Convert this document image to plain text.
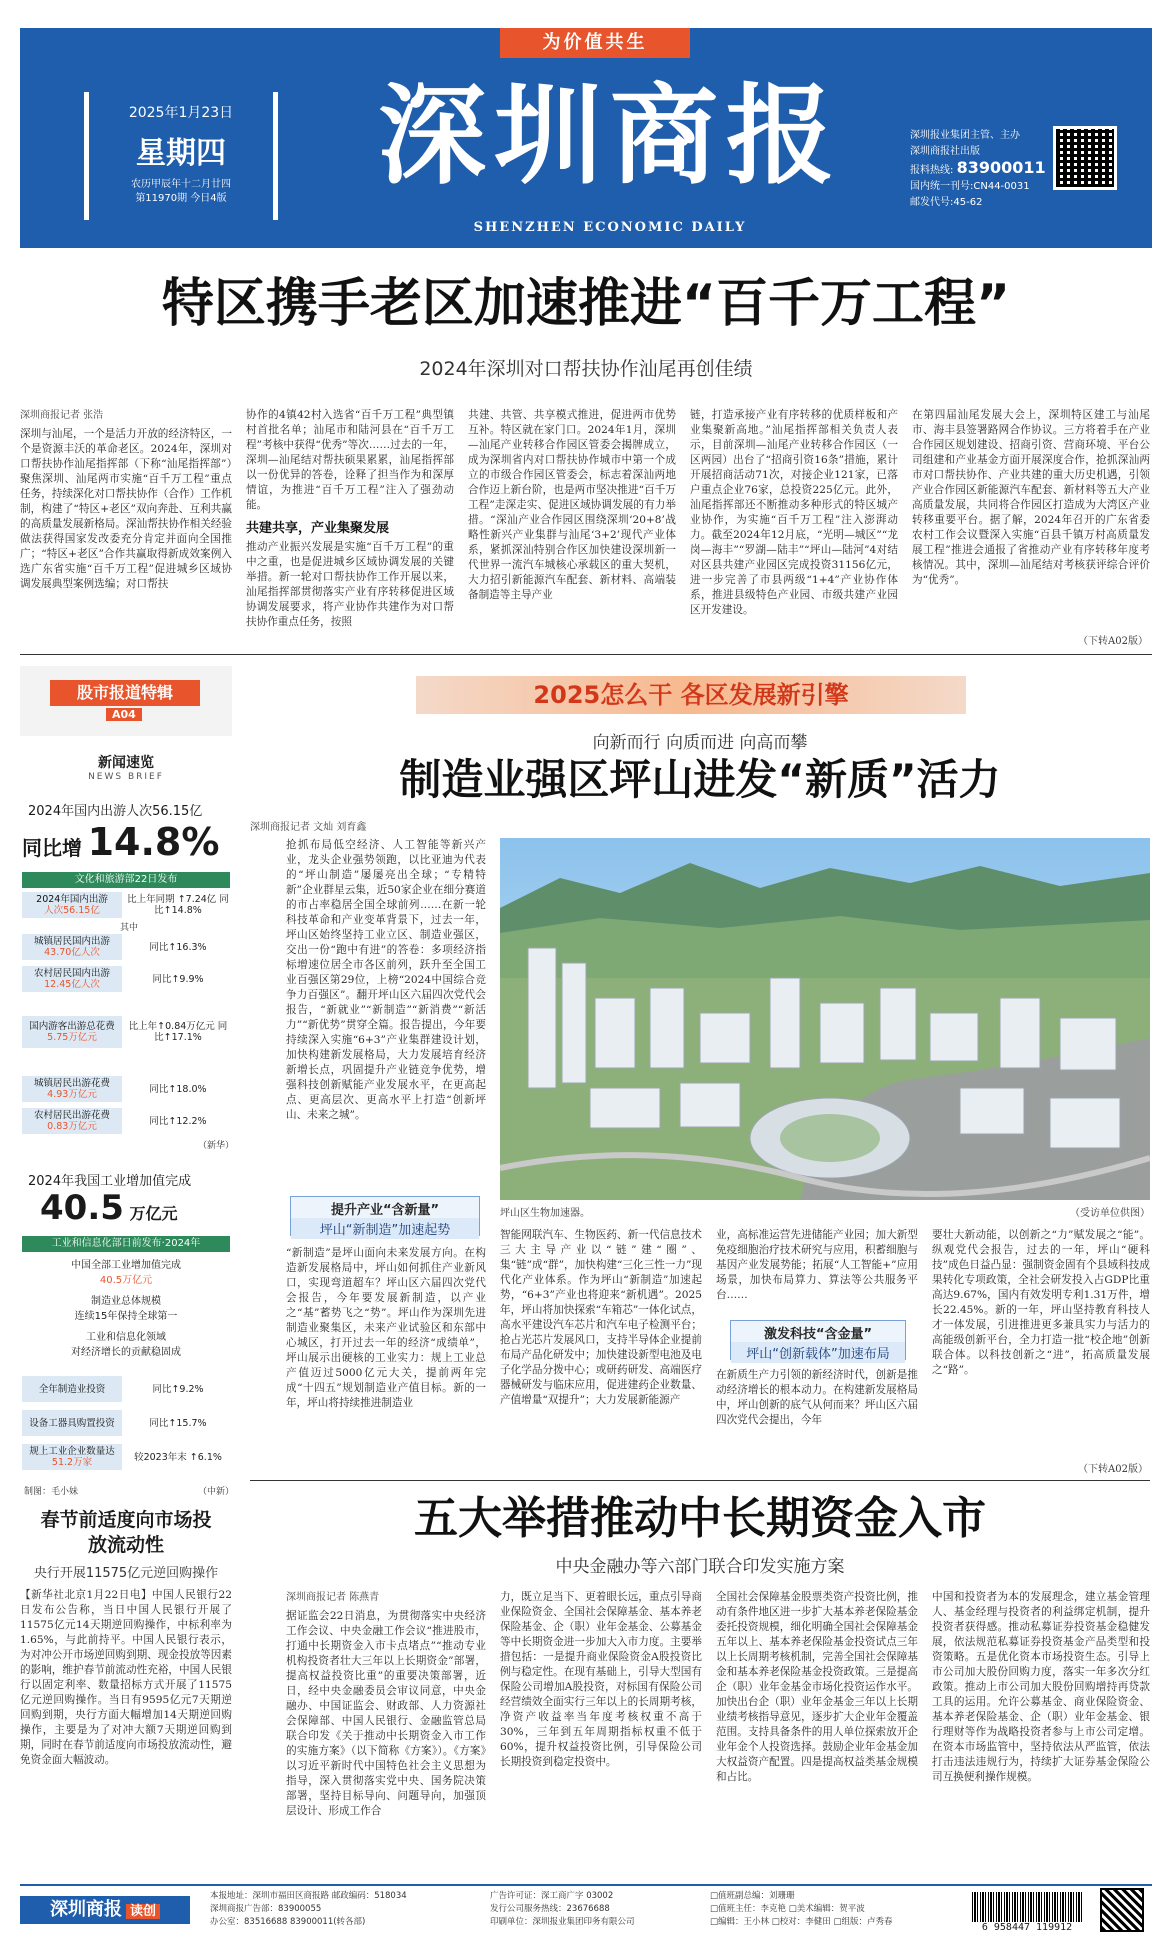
为价值共生
2025年1月23日
星期四
农历甲辰年十二月廿四
第11970期 今日4版	深圳商报
SHENZHEN ECONOMIC DAILY
深圳报业集团主管、主办
深圳商报社出版
报料热线: 83900011
国内统一刊号:CN44-0031
邮发代号:45-62
特区携手老区加速推进“百千万工程”
2024年深圳对口帮扶协作汕尾再创佳绩
深圳商报记者 张浩
深圳与汕尾，一个是活力开放的经济特区，一个是资源丰沃的革命老区。2024年，深圳对口帮扶协作汕尾指挥部（下称“汕尾指挥部”）聚焦深圳、汕尾两市实施“百千万工程”重点任务，持续深化对口帮扶协作（合作）工作机制，构建了“特区+老区”双向奔赴、互利共赢的高质量发展新格局。深汕帮扶协作相关经验做法获得国家发改委充分肯定并面向全国推广；“特区+老区”合作共赢取得新成效案例入选广东省实施“百千万工程”促进城乡区域协调发展典型案例选编；对口帮扶
协作的4镇42村入选省“百千万工程”典型镇村首批名单；汕尾市和陆河县在“百千万工程”考核中获得“优秀”等次……过去的一年，深圳—汕尾结对帮扶硕果累累，汕尾指挥部以一份优异的答卷，诠释了担当作为和深厚情谊，为推进“百千万工程”注入了强劲动能。
共建共享，产业集聚发展
推动产业振兴发展是实施“百千万工程”的重中之重，也是促进城乡区域协调发展的关键举措。新一轮对口帮扶协作工作开展以来，汕尾指挥部贯彻落实产业有序转移促进区域协调发展要求，将产业协作共建作为对口帮扶协作重点任务，按照
共建、共管、共享模式推进，促进两市优势互补。特区就在家门口。2024年1月，深圳—汕尾产业转移合作园区管委会揭牌成立，成为深圳省内对口帮扶协作城市中第一个成立的市级合作园区管委会，标志着深汕两地合作迈上新台阶，也是两市坚决推进“百千万工程”走深走实、促进区域协调发展的有力举措。“深汕产业合作园区围绕深圳‘20+8’战略性新兴产业集群与汕尾‘3+2’现代产业体系，紧抓深汕特别合作区加快建设深圳新一代世界一流汽车城核心承载区的重大契机，大力招引新能源汽车配套、新材料、高端装备制造等主导产业
链，打造承接产业有序转移的优质样板和产业集聚新高地。”汕尾指挥部相关负责人表示，目前深圳—汕尾产业转移合作园区（一区两园）出台了“招商引资16条”措施，累计开展招商活动71次，对接企业121家，已落户重点企业76家，总投资225亿元。此外，汕尾指挥部还不断推动多种形式的特区城产业协作，为实施“百千万工程”注入澎湃动力。截至2024年12月底，“光明—城区”“龙岗—海丰”“罗湖—陆丰”“坪山—陆河”4对结对区县共建产业园区完成投资31156亿元，进一步完善了市县两级“1+4”产业协作体系，推进县级特色产业园、市级共建产业园区开发建设。
在第四届汕尾发展大会上，深圳特区建工与汕尾市、海丰县签署路网合作协议。三方将着手在产业合作园区规划建设、招商引资、营商环境、平台公司组建和产业基金方面开展深度合作，抢抓深汕两市对口帮扶协作、产业共建的重大历史机遇，引领产业合作园区新能源汽车配套、新材料等五大产业高质量发展，共同将合作园区打造成为大湾区产业转移重要平台。据了解，2024年召开的广东省委农村工作会议暨深入实施“百县千镇万村高质量发展工程”推进会通报了省推动产业有序转移年度考核情况。其中，深圳—汕尾结对考核获评综合评价为“优秀”。
（下转A02版）
股市报道特辑
A04
新闻速览
NEWS BRIEF
2024年国内出游人次56.15亿
同比增 14.8%
文化和旅游部22日发布
2024年国内出游
人次56.15亿
比上年同期 ↑7.24亿 同比↑14.8%
其中
城镇居民国内出游
43.70亿人次	同比↑16.3%
农村居民国内出游
12.45亿人次	同比↑9.9%
国内游客出游总花费
5.75万亿元
比上年↑0.84万亿元 同比↑17.1%
城镇居民出游花费
4.93万亿元	同比↑18.0%
农村居民出游花费
0.83万亿元	同比↑12.2%
（新华）
2024年我国工业增加值完成
40.5 万亿元
工业和信息化部日前发布·2024年
中国全部工业增加值完成
40.5万亿元
制造业总体规模
连续15年保持全球第一
工业和信息化领域
对经济增长的贡献稳固成
全年制造业投资	同比↑9.2%
设备工器具购置投资	同比↑15.7%
规上工业企业数量达
51.2万家	较2023年末 ↑6.1%
制图：毛小妹	（中新）
春节前适度向市场投放流动性
央行开展11575亿元逆回购操作
【新华社北京1月22日电】中国人民银行22日发布公告称，当日中国人民银行开展了11575亿元14天期逆回购操作，中标利率为1.65%，与此前持平。中国人民银行表示，为对冲公开市场逆回购到期、现金投放等因素的影响，维护春节前流动性充裕，中国人民银行以固定利率、数量招标方式开展了11575亿元逆回购操作。当日有9595亿元7天期逆回购到期，央行方面大幅增加14天期逆回购操作，主要是为了对冲大额7天期逆回购到期，同时在春节前适度向市场投放流动性，避免资金面大幅波动。
2025怎么干 各区发展新引擎
向新而行 向质而进 向高而攀
制造业强区坪山进发“新质”活力
深圳商报记者 文灿 刘育鑫
抢抓布局低空经济、人工智能等新兴产业，龙头企业强势领跑，以比亚迪为代表的“坪山制造”屡屡亮出全球；“专精特新”企业群星云集，近50家企业在细分赛道的市占率稳居全国全球前列……在新一轮科技革命和产业变革背景下，过去一年，坪山区始终坚持工业立区、制造业强区，交出一份“跑中有进”的答卷：多项经济指标增速位居全市各区前列，跃升至全国工业百强区第29位，上榜“2024中国综合竞争力百强区”。翻开坪山区六届四次党代会报告，“新就业”“新制造”“新消费”“新活力”“新优势”贯穿全篇。报告提出，今年要持续深入实施“6+3”产业集群建设计划，加快构建新发展格局，大力发展培育经济新增长点，巩固提升产业链竞争优势，增强科技创新赋能产业发展水平，在更高起点、更高层次、更高水平上打造“创新坪山、未来之城”。
坪山区生物加速器。	（受访单位供图）
提升产业“含新量”
坪山“新制造”加速起势
“新制造”是坪山面向未来发展方向。在构造新发展格局中，坪山如何抓住产业新风口，实现弯道超车？坪山区六届四次党代会报告，今年要发展新制造，以产业之“基”蓄势飞之“势”。坪山作为深圳先进制造业聚集区，未来产业试验区和东部中心城区，打开过去一年的经济“成绩单”，坪山展示出硬核的工业实力：规上工业总产值迈过5000亿元大关，提前两年完成“十四五”规划制造业产值目标。新的一年，坪山将持续推进制造业
智能网联汽车、生物医药、新一代信息技术三大主导产业以“链”建“圈”、集“链”成“群”，加快构建“三化三性一力”现代化产业体系。作为坪山“新制造”加速起势，“6+3”产业也将迎来“新机遇”。2025年，坪山将加快探索“车箱芯”一体化试点，高水平建设汽车芯片和汽车电子检测平台；抢占光芯片发展风口，支持半导体企业提前布局产品化研发中；加快建设新型电池及电子化学品分拨中心；或研药研发、高端医疗器械研发与临床应用，促进建药企业数量、产值增量“双提升”；大力发展新能源产
业，高标准运营先进储能产业园；加大新型免疫细胞治疗技术研究与应用，积蓄细胞与基因产业发展势能；拓展“人工智能+”应用场景，加快布局算力、算法等公共服务平台……
激发科技“含金量”
坪山“创新载体”加速布局
在新质生产力引领的新经济时代，创新是推动经济增长的根本动力。在构建新发展格局中，坪山创新的底气从何而来？坪山区六届四次党代会提出，今年
要壮大新动能，以创新之“力”赋发展之“能”。纵观党代会报告，过去的一年，坪山“硬科技”成色日益凸显：强制资金固有个县域科技成果转化专项政策，全社会研发投入占GDP比重高达9.67%，国内有效发明专利1.31万件，增长22.45%。新的一年，坪山坚持教育科技人才一体发展，引进推进更多兼具实力与活力的高能级创新平台，全力打造一批“校企地”创新联合体。以科技创新之“进”，拓高质量发展之“路”。
（下转A02版）
五大举措推动中长期资金入市
中央金融办等六部门联合印发实施方案
深圳商报记者 陈燕青
据证监会22日消息，为贯彻落实中央经济工作会议、中央金融工作会议“推进股市，打通中长期资金入市卡点堵点”“推动专业机构投资者壮大三年以上长期资金”部署，提高权益投资比重”的重要决策部署，近日，经中央金融委员会审议同意，中央金融办、中国证监会、财政部、人力资源社会保障部、中国人民银行、金融监管总局联合印发《关于推动中长期资金入市工作的实施方案》（以下简称《方案》）。《方案》以习近平新时代中国特色社会主义思想为指导，深入贯彻落实党中央、国务院决策部署，坚持目标导向、问题导向，加强顶层设计、形成工作合
力，既立足当下、更着眼长远，重点引导商业保险资金、全国社会保障基金、基本养老保险基金、企（职）业年金基金、公募基金等中长期资金进一步加大入市力度。主要举措包括：一是提升商业保险资金A股投资比例与稳定性。在现有基础上，引导大型国有保险公司增加A股投资，对标国有保险公司经营绩效全面实行三年以上的长周期考核，净资产收益率当年度考核权重不高于30%，三年到五年周期指标权重不低于60%，提升权益投资比例，引导保险公司长期投资到稳定投资中。
全国社会保障基金股票类资产投资比例，推动有条件地区进一步扩大基本养老保险基金委托投资规模，细化明确全国社会保障基金五年以上、基本养老保险基金投资试点三年以上长周期考核机制，完善全国社会保障基金和基本养老保险基金投资政策。三是提高企（职）业年金基金市场化投资运作水平。加快出台企（职）业年金基金三年以上长期业绩考核指导意见，逐步扩大企业年金覆盖范围。支持具备条件的用人单位探索放开企业年金个人投资选择。鼓励企业年金基金加大权益资产配置。四是提高权益类基金规模和占比。
中国和投资者为本的发展理念，建立基金管理人、基金经理与投资者的利益绑定机制，提升投资者获得感。推动私募证券投资基金稳健发展，依法规范私募证券投资基金产品类型和投资策略。五是优化资本市场投资生态。引导上市公司加大股份回购力度，落实一年多次分红政策。推动上市公司加大股份回购增持再贷款工具的运用。允许公募基金、商业保险资金、基本养老保险基金、企（职）业年金基金、银行理财等作为战略投资者参与上市公司定增。在资本市场监管中，坚持依法从严监管，依法打击违法违规行为，持续扩大证券基金保险公司互换便利操作规模。
深圳商报 读创
本报地址：深圳市福田区商报路 邮政编码：518034
深圳商报广告部：83900055
办公室：83516688 83900011(转各部)
广告许可证：深工商广字 03002
发行公司服务热线：23676688
印刷单位：深圳报业集团印务有限公司
□值班副总编：刘珊珊
□值班主任：李克艳 □美术编辑：贺平波
□编辑：王小林 □校对：李健田 □组版：卢秀春	6 958447 119912
